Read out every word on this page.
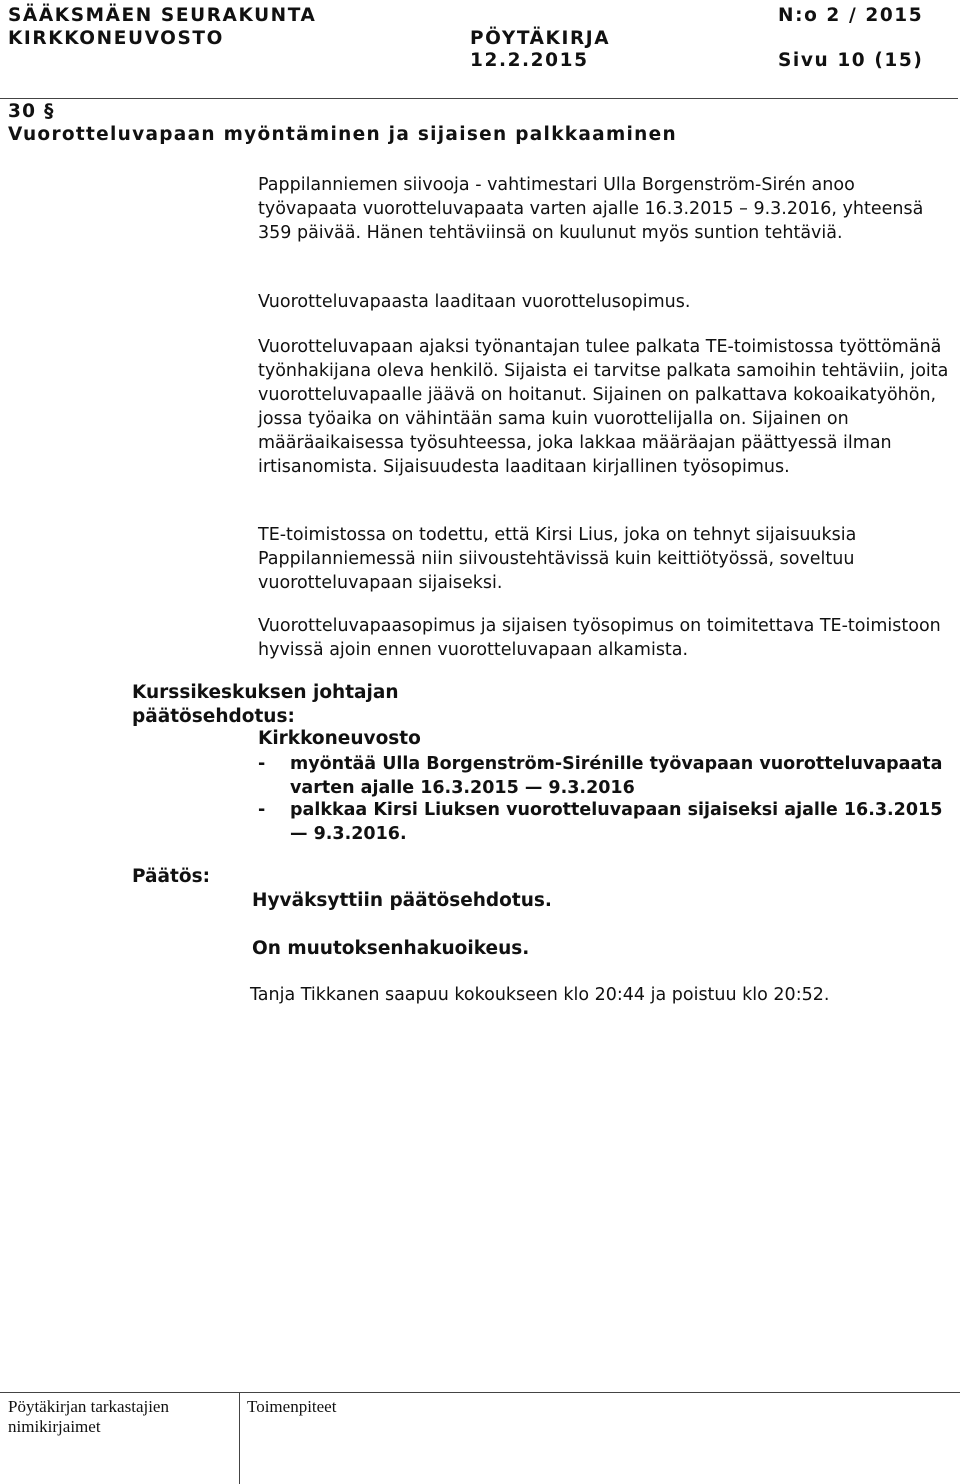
SÄÄKSMÄEN SEURAKUNTA	N:o 2 / 2015
KIRKKONEUVOSTO	PÖYTÄKIRJA
12.2.2015	Sivu 10 (15)
30 §
Vuorotteluvapaan myöntäminen ja sijaisen palkkaaminen

Pappilanniemen siivooja - vahtimestari Ulla Borgenström-Sirén anoo työvapaata vuorotteluvapaata varten ajalle 16.3.2015 – 9.3.2016, yhteensä 359 päivää. Hänen tehtäviinsä on kuulunut myös suntion tehtäviä.

Vuorotteluvapaasta laaditaan vuorottelusopimus.

Vuorotteluvapaan ajaksi työnantajan tulee palkata TE-toimistossa työttömänä työnhakijana oleva henkilö. Sijaista ei tarvitse palkata samoihin tehtäviin, joita vuorotteluvapaalle jäävä on hoitanut. Sijainen on palkattava kokoaikatyöhön, jossa työaika on vähintään sama kuin vuorottelijalla on. Sijainen on määräaikaisessa työsuhteessa, joka lakkaa määräajan päättyessä ilman irtisanomista. Sijaisuudesta laaditaan kirjallinen työsopimus.

TE-toimistossa on todettu, että Kirsi Lius, joka on tehnyt sijaisuuksia Pappilanniemessä niin siivoustehtävissä kuin keittiötyössä, soveltuu vuorotteluvapaan sijaiseksi.

Vuorotteluvapaasopimus ja sijaisen työsopimus on toimitettava TE-toimistoon hyvissä ajoin ennen vuorotteluvapaan alkamista.

Kurssikeskuksen johtajan
päätösehdotus:
Kirkkoneuvosto
- myöntää Ulla Borgenström-Sirénille työvapaan vuorotteluvapaata varten ajalle 16.3.2015 — 9.3.2016
- palkkaa Kirsi Liuksen vuorotteluvapaan sijaiseksi ajalle 16.3.2015 — 9.3.2016.
Päätös:
Hyväksyttiin päätösehdotus.
On muutoksenhakuoikeus.
Tanja Tikkanen saapuu kokoukseen klo 20:44 ja poistuu klo 20:52.
Pöytäkirjan tarkastajien
nimikirjaimet
Toimenpiteet
